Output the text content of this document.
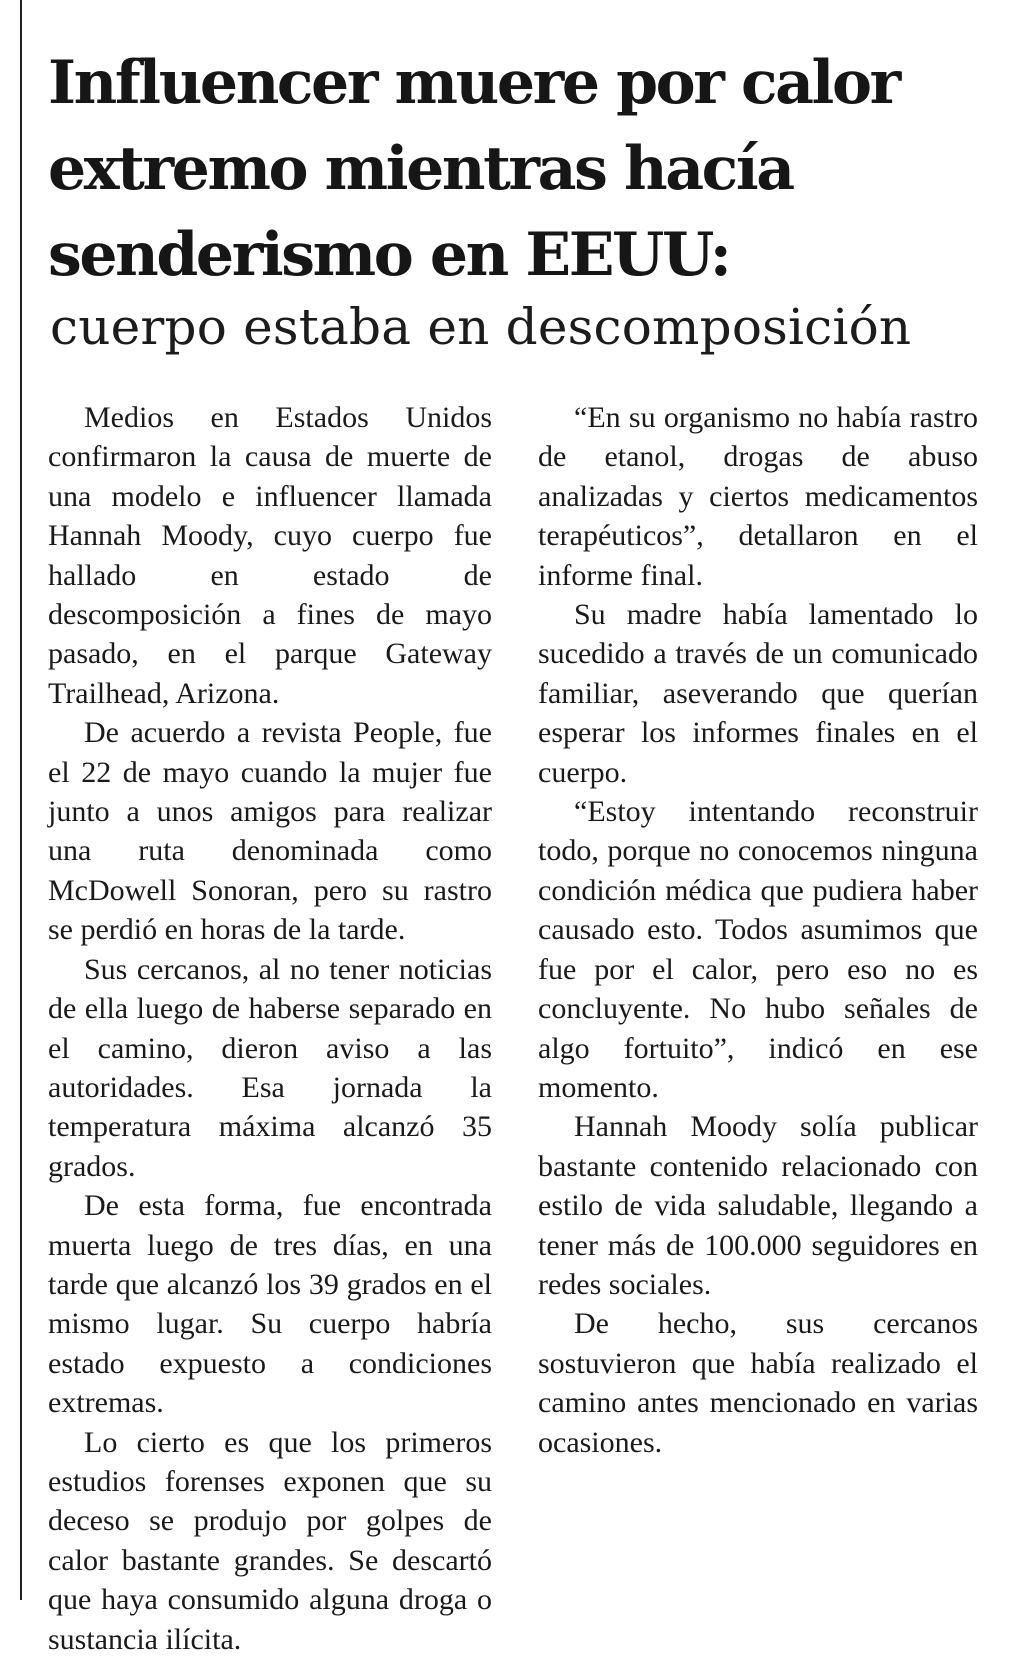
Influencer muere por calor extremo mientras hacía senderismo en EEUU:
cuerpo estaba en descomposición

Medios en Estados Unidos confirmaron la causa de muerte de una modelo e influencer llamada Hannah Moody, cuyo cuerpo fue hallado en estado de descomposición a fines de mayo pasado, en el parque Gateway Trailhead, Arizona.

De acuerdo a revista People, fue el 22 de mayo cuando la mujer fue junto a unos amigos para realizar una ruta denominada como McDowell Sonoran, pero su rastro se perdió en horas de la tarde.

Sus cercanos, al no tener noticias de ella luego de haberse separado en el camino, dieron aviso a las autoridades. Esa jornada la temperatura máxima alcanzó 35 grados.

De esta forma, fue encontrada muerta luego de tres días, en una tarde que alcanzó los 39 grados en el mismo lugar. Su cuerpo habría estado expuesto a condiciones extremas.

Lo cierto es que los primeros estudios forenses exponen que su deceso se produjo por golpes de calor bastante grandes. Se descartó que haya consumido alguna droga o sustancia ilícita.

“En su organismo no había rastro de etanol, drogas de abuso analizadas y ciertos medicamentos terapéuticos”, detallaron en el informe final.

Su madre había lamentado lo sucedido a través de un comunicado familiar, aseverando que querían esperar los informes finales en el cuerpo.

“Estoy intentando reconstruir todo, porque no conocemos ninguna condición médica que pudiera haber causado esto. Todos asumimos que fue por el calor, pero eso no es concluyente. No hubo señales de algo fortuito”, indicó en ese momento.

Hannah Moody solía publicar bastante contenido relacionado con estilo de vida saludable, llegando a tener más de 100.000 seguidores en redes sociales.

De hecho, sus cercanos sostuvieron que había realizado el camino antes mencionado en varias ocasiones.
